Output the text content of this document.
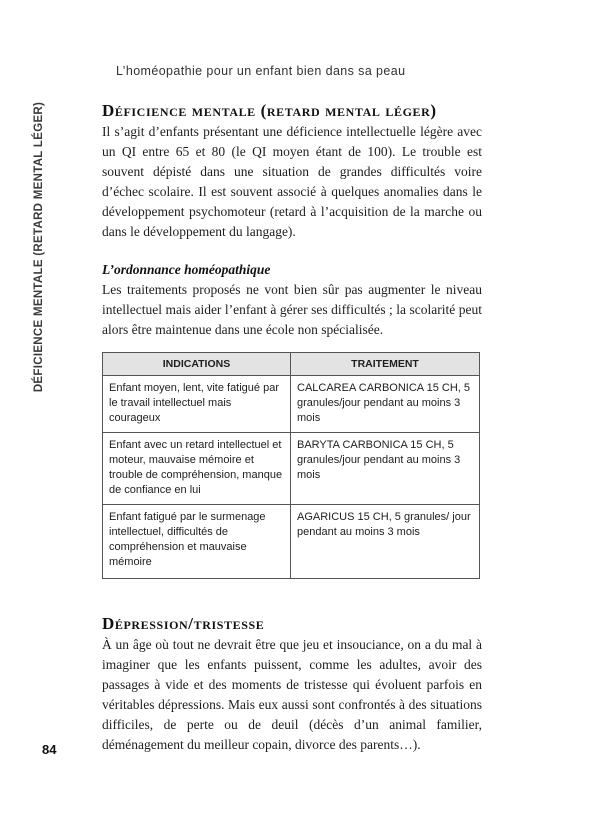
L’homéopathie pour un enfant bien dans sa peau
DÉFICIENCE MENTALE (RETARD MENTAL LÉGER)	Déficience mentale (retard mental léger)

Il s’agit d’enfants présentant une déficience intellectuelle légère avec un QI entre 65 et 80 (le QI moyen étant de 100). Le trouble est souvent dépisté dans une situation de grandes difficultés voire d’échec scolaire. Il est souvent associé à quelques anomalies dans le développement psychomoteur (retard à l’acquisition de la marche ou dans le développement du langage).

L’ordonnance homéopathique

Les traitements proposés ne vont bien sûr pas augmenter le niveau intellectuel mais aider l’enfant à gérer ses difficultés ; la scolarité peut alors être maintenue dans une école non spécialisée.

INDICATIONS	TRAITEMENT
Enfant moyen, lent, vite fatigué par le travail intellectuel mais courageux	CALCAREA CARBONICA 15 CH, 5 granules/jour pendant au moins 3 mois
Enfant avec un retard intellectuel et moteur, mauvaise mémoire et trouble de compréhension, manque de confiance en lui	BARYTA CARBONICA 15 CH, 5 granules/jour pendant au moins 3 mois
Enfant fatigué par le surmenage intellectuel, difficultés de compréhension et mauvaise mémoire	AGARICUS 15 CH, 5 granules/ jour pendant au moins 3 mois
Dépression/tristesse

À un âge où tout ne devrait être que jeu et insouciance, on a du mal à imaginer que les enfants puissent, comme les adultes, avoir des passages à vide et des moments de tristesse qui évoluent parfois en véritables dépressions. Mais eux aussi sont confrontés à des situations difficiles, de perte ou de deuil (décès d’un animal familier, déménagement du meilleur copain, divorce des parents…).

84
